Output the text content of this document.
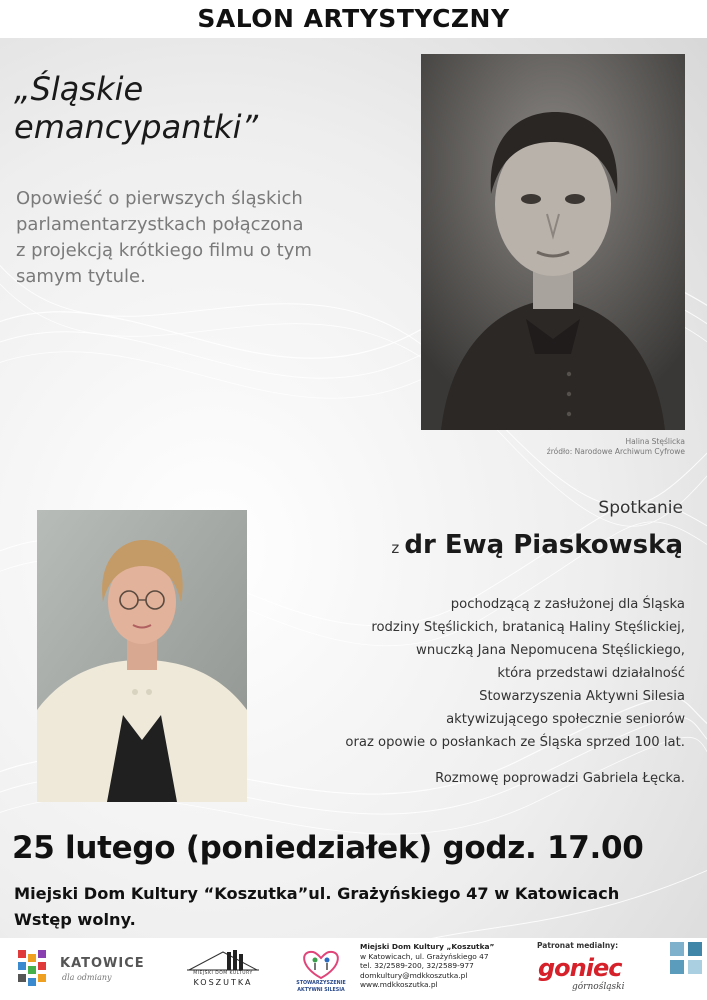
SALON ARTYSTYCZNY
„Śląskie
emancypantki”
Opowieść o pierwszych śląskich
parlamentarzystkach połączona
z projekcją krótkiego filmu o tym
samym tytule.
Halina Stęślicka
źródło: Narodowe Archiwum Cyfrowe
Spotkanie
z dr Ewą Piaskowską
pochodzącą z zasłużonej dla Śląska
rodziny Stęślickich, bratanicą Haliny Stęślickiej,
wnuczką Jana Nepomucena Stęślickiego,
która przedstawi działalność
Stowarzyszenia Aktywni Silesia
aktywizującego społecznie seniorów
oraz opowie o posłankach ze Śląska sprzed 100 lat.
Rozmowę poprowadzi Gabriela Łęcka.
25 lutego (poniedziałek) godz. 17.00
Miejski Dom Kultury “Koszutka”ul. Grażyńskiego 47 w Katowicach
Wstęp wolny.
KATOWICE
dla odmiany	MIEJSKI DOM KULTURY
KOSZUTKA	STOWARZYSZENIE
AKTYWNI SILESIA
Miejski Dom Kultury „Koszutka”
w Katowicach, ul. Grażyńskiego 47
tel. 32/2589-200, 32/2589-977
domkultury@mdkkoszutka.pl
www.mdkkoszutka.pl
Patronat medialny:
goniec
górnośląski
